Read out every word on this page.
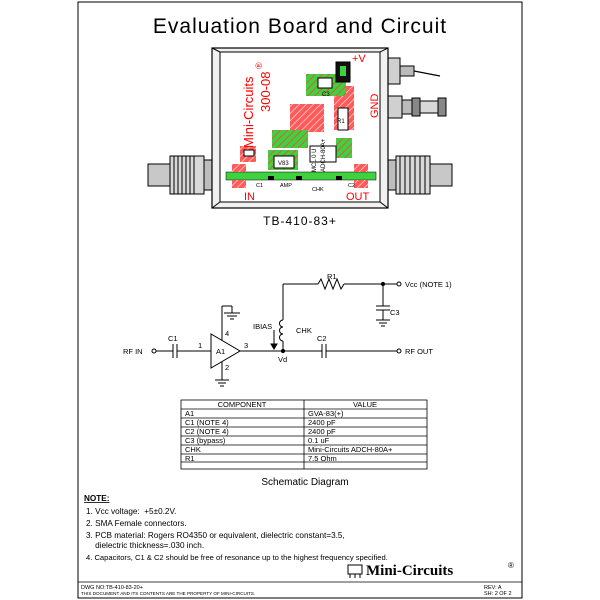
Evaluation Board and Circuit
Mini-Circuits
®
300-08
+V
GND
IN	OUT
C3
R1
V83
AMP
CHK
C1	C2
MCL 0 U ADCH-80A+
TB-410-83+
RF IN
C1
1
A1
4
2
3
IBIAS	CHK
Vd
R1
C3
C2
Vcc (NOTE 1)
RF OUT
COMPONENT	VALUE
A1	GVA-83(+)
C1 (NOTE 4)	2400 pF
C2 (NOTE 4)	2400 pF
C3 (bypass)	0.1 uF
CHK	Mini-Circuits ADCH-80A+
R1	7.5 Ohm
Schematic Diagram
NOTE:
1. Vcc voltage:  +5±0.2V.
2. SMA Female connectors.
3. PCB material: Rogers RO4350 or equivalent, dielectric constant=3.5,
dielectric thickness=.030 inch.
4. Capacitors, C1 & C2 should be free of resonance up to the highest frequency specified.
Mini-Circuits	®
DWG NO:TB-410-83-20+
THIS DOCUMENT AND ITS CONTENTS ARE THE PROPERTY OF MINI-CIRCUITS.
REV: A
SH: 2 OF 2
